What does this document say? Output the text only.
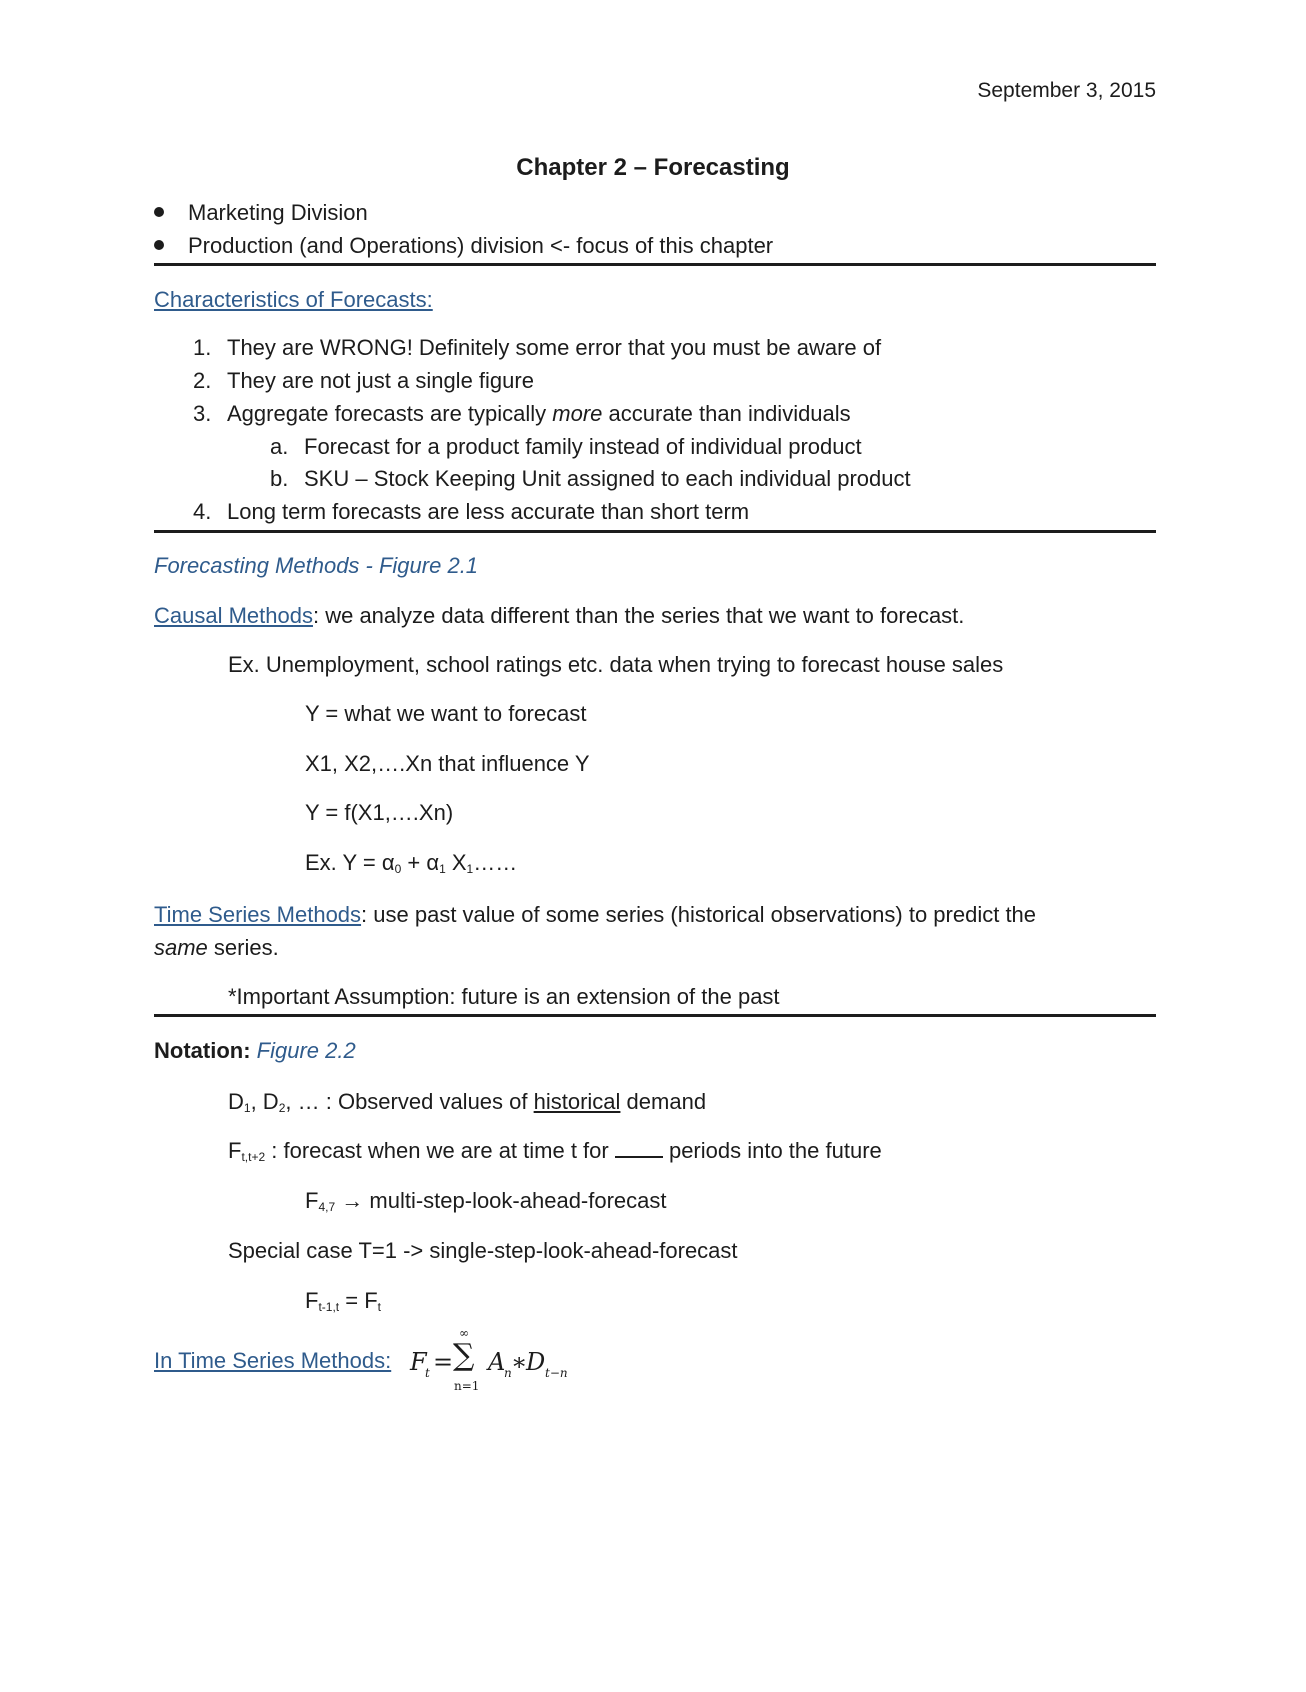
September 3, 2015
Chapter 2 – Forecasting
Marketing Division
Production (and Operations) division <- focus of this chapter
Characteristics of Forecasts:
1. They are WRONG! Definitely some error that you must be aware of
2. They are not just a single figure
3. Aggregate forecasts are typically more accurate than individuals
a. Forecast for a product family instead of individual product
b. SKU – Stock Keeping Unit assigned to each individual product
4. Long term forecasts are less accurate than short term
Forecasting Methods - Figure 2.1
Causal Methods: we analyze data different than the series that we want to forecast.
Ex. Unemployment, school ratings etc. data when trying to forecast house sales
Y = what we want to forecast
X1, X2,….Xn that influence Y
Y = f(X1,….Xn)
Ex. $Y = \alpha_0 + \alpha_1$ $X_1\dots\dots$
Time Series Methods: use past value of some series (historical observations) to predict the
same series.
*Important Assumption: future is an extension of the past
Notation: Figure 2.2
$D_1$, $D_2$, … : Observed values of historical demand
$F_{t,t+2}$ : forecast when we are at time t for  periods into the future
$F_{4,7}$ → multi-step-look-ahead-forecast
Special case T=1 -> single-step-look-ahead-forecast
$F_{t-1,t} = F_t$
In Time Series Methods: F
t =
∞
∑
n=1
A
n ∗
D t−n
